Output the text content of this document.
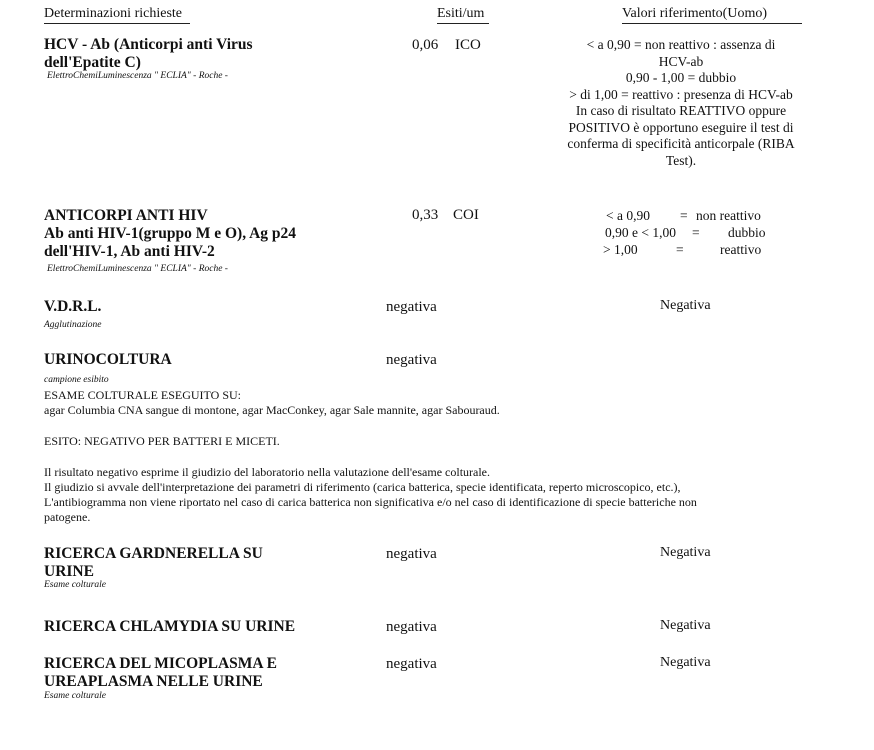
Determinazioni richieste	Esiti/um	Valori riferimento(Uomo)
HCV - Ab (Anticorpi anti Virus
dell'Epatite C)
ElettroChemiLuminescenza " ECLIA" - Roche -
0,06 ICO	< a 0,90 = non reattivo : assenza di
HCV-ab
0,90 - 1,00 = dubbio
> di 1,00 = reattivo : presenza di HCV-ab
In caso di risultato REATTIVO oppure
POSITIVO è opportuno eseguire il test di
conferma di specificità anticorpale (RIBA
Test).
ANTICORPI ANTI HIV
Ab anti HIV-1(gruppo M e O), Ag p24
dell'HIV-1, Ab anti HIV-2
ElettroChemiLuminescenza " ECLIA" - Roche -
0,33 COI	< a 0,90 = non reattivo
0,90 e < 1,00 = dubbio
> 1,00	=	reattivo
V.D.R.L.
Agglutinazione
negativa	Negativa
URINOCOLTURA
campione esibito
negativa
ESAME COLTURALE ESEGUITO SU:
agar Columbia CNA sangue di montone, agar MacConkey, agar Sale mannite, agar Sabouraud.
ESITO: NEGATIVO PER BATTERI E MICETI.
Il risultato negativo esprime il giudizio del laboratorio nella valutazione dell'esame colturale.
Il giudizio si avvale dell'interpretazione dei parametri di riferimento (carica batterica, specie identificata, reperto microscopico, etc.),
L'antibiogramma non viene riportato nel caso di carica batterica non significativa e/o nel caso di identificazione di specie batteriche non
patogene.
RICERCA GARDNERELLA SU
URINE
Esame colturale
negativa	Negativa
RICERCA CHLAMYDIA SU URINE	negativa	Negativa
RICERCA DEL MICOPLASMA E
UREAPLASMA NELLE URINE
Esame colturale
negativa	Negativa
